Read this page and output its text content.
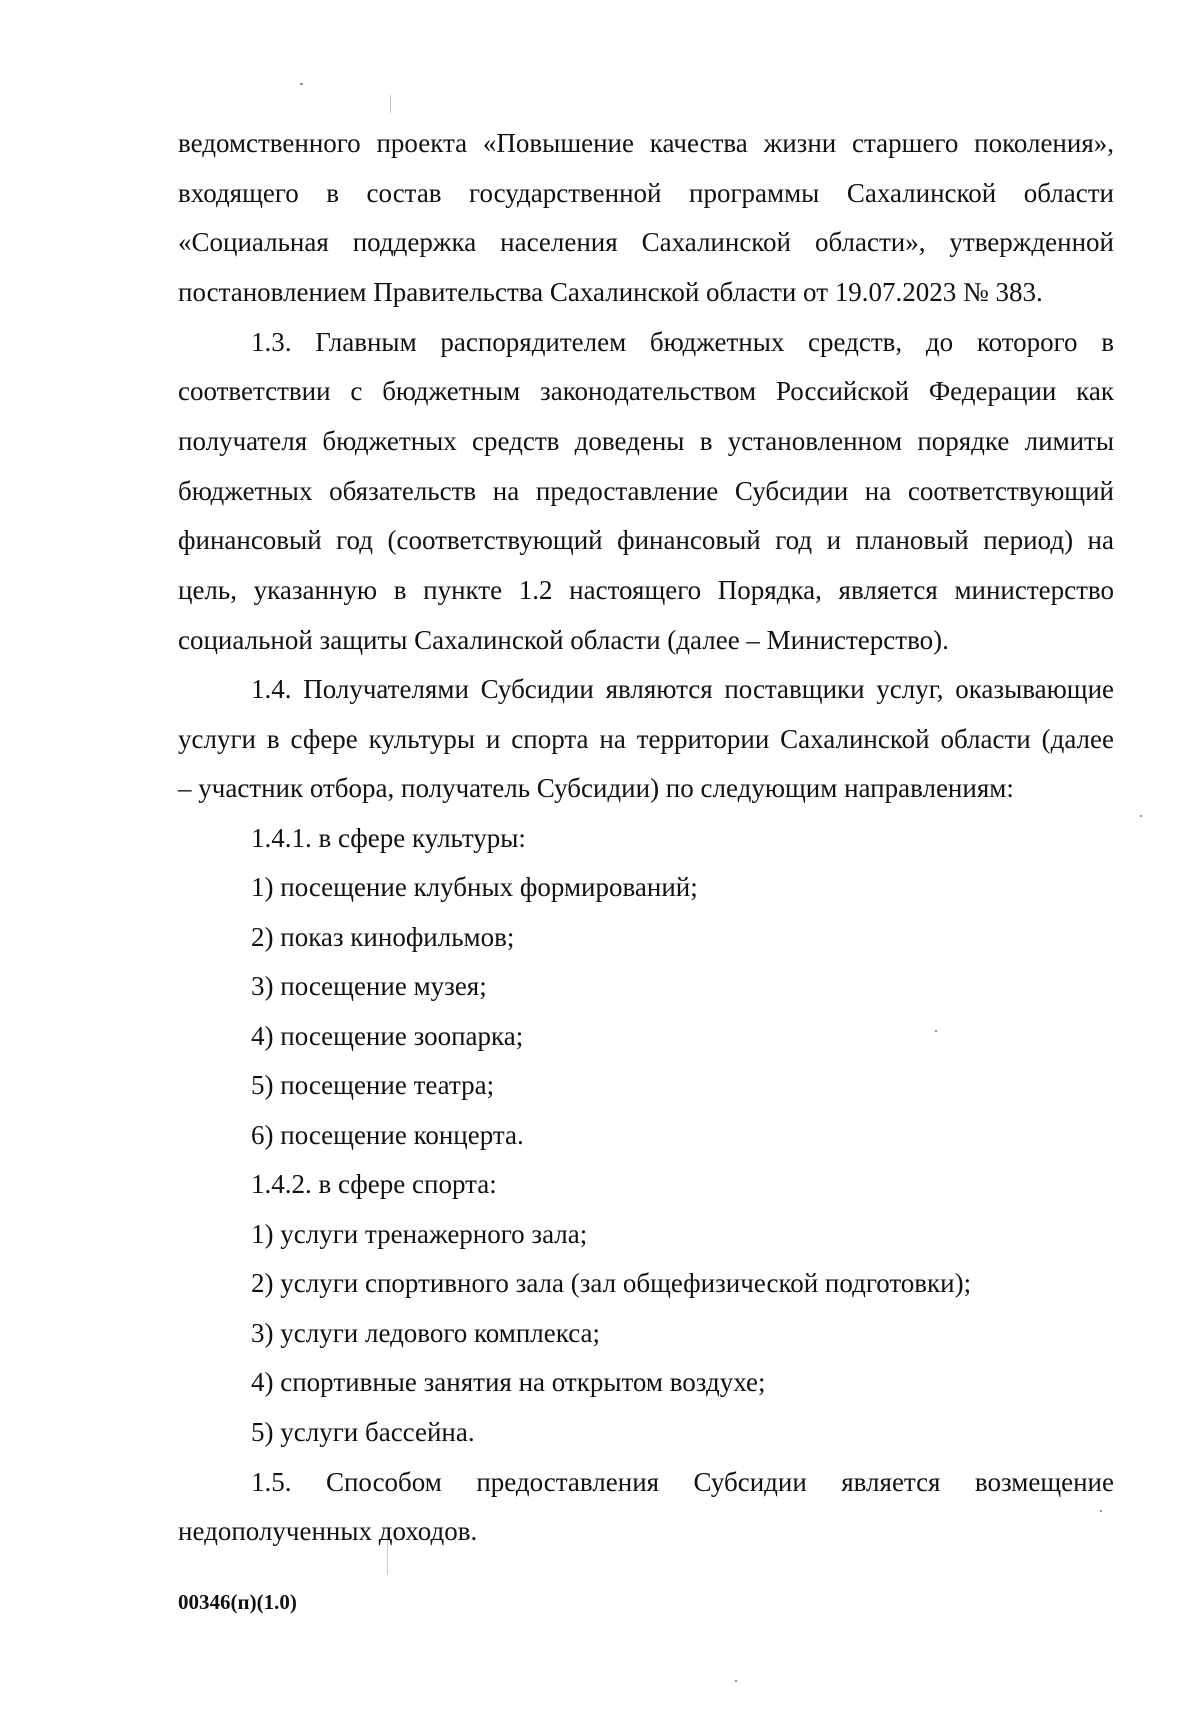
ведомственного проекта «Повышение качества жизни старшего поколения»,
входящего в состав государственной программы Сахалинской области
«Социальная поддержка населения Сахалинской области», утвержденной
постановлением Правительства Сахалинской области от 19.07.2023 № 383.
1.3. Главным распорядителем бюджетных средств, до которого в
соответствии с бюджетным законодательством Российской Федерации как
получателя бюджетных средств доведены в установленном порядке лимиты
бюджетных обязательств на предоставление Субсидии на соответствующий
финансовый год (соответствующий финансовый год и плановый период) на
цель, указанную в пункте 1.2 настоящего Порядка, является министерство
социальной защиты Сахалинской области (далее – Министерство).
1.4. Получателями Субсидии являются поставщики услуг, оказывающие
услуги в сфере культуры и спорта на территории Сахалинской области (далее
– участник отбора, получатель Субсидии) по следующим направлениям:
1.4.1. в сфере культуры:
1) посещение клубных формирований;
2) показ кинофильмов;
3) посещение музея;
4) посещение зоопарка;
5) посещение театра;
6) посещение концерта.
1.4.2. в сфере спорта:
1) услуги тренажерного зала;
2) услуги спортивного зала (зал общефизической подготовки);
3) услуги ледового комплекса;
4) спортивные занятия на открытом воздухе;
5) услуги бассейна.
1.5. Способом предоставления Субсидии является возмещение
недополученных доходов.
00346(п)(1.0)
